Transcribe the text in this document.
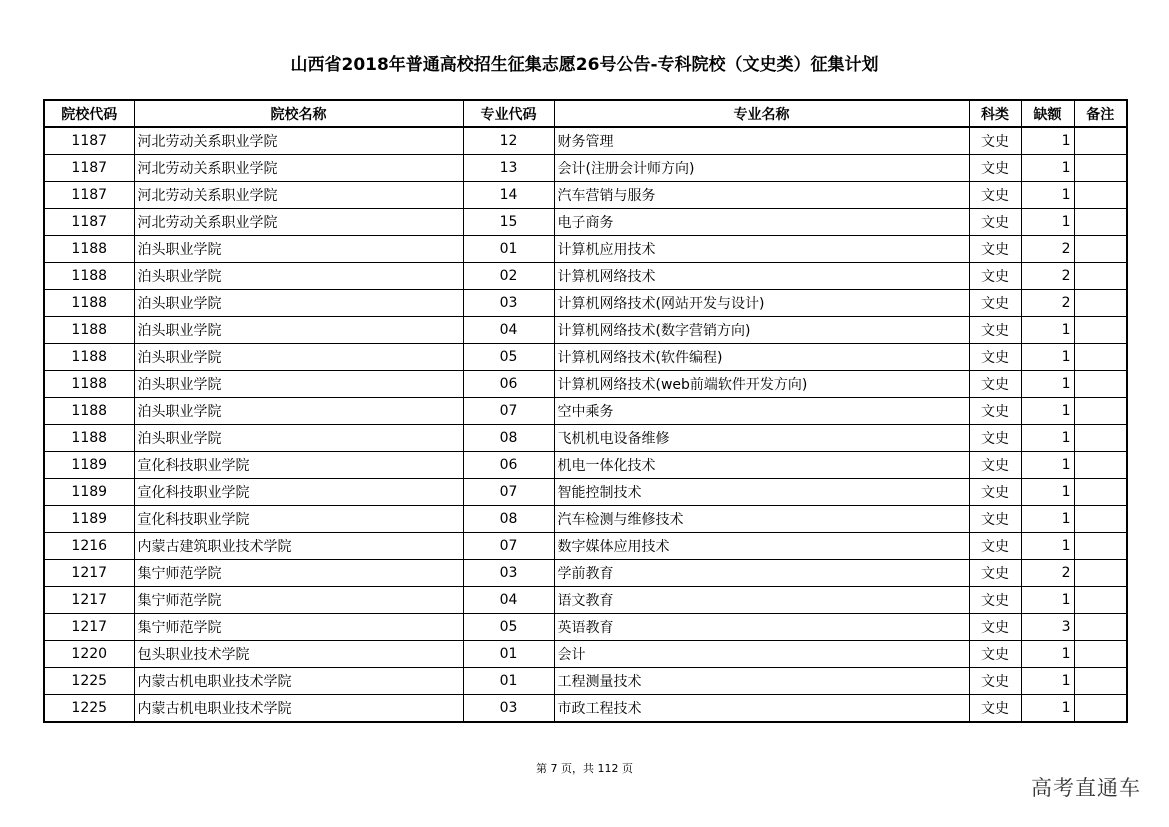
山西省2018年普通高校招生征集志愿26号公告-专科院校（文史类）征集计划
院校代码	院校名称	专业代码	专业名称	科类	缺额	备注
1187	河北劳动关系职业学院	12	财务管理	文史	1	
1187	河北劳动关系职业学院	13	会计(注册会计师方向)	文史	1	
1187	河北劳动关系职业学院	14	汽车营销与服务	文史	1	
1187	河北劳动关系职业学院	15	电子商务	文史	1	
1188	泊头职业学院	01	计算机应用技术	文史	2	
1188	泊头职业学院	02	计算机网络技术	文史	2	
1188	泊头职业学院	03	计算机网络技术(网站开发与设计)	文史	2	
1188	泊头职业学院	04	计算机网络技术(数字营销方向)	文史	1	
1188	泊头职业学院	05	计算机网络技术(软件编程)	文史	1	
1188	泊头职业学院	06	计算机网络技术(web前端软件开发方向)	文史	1	
1188	泊头职业学院	07	空中乘务	文史	1	
1188	泊头职业学院	08	飞机机电设备维修	文史	1	
1189	宣化科技职业学院	06	机电一体化技术	文史	1	
1189	宣化科技职业学院	07	智能控制技术	文史	1	
1189	宣化科技职业学院	08	汽车检测与维修技术	文史	1	
1216	内蒙古建筑职业技术学院	07	数字媒体应用技术	文史	1	
1217	集宁师范学院	03	学前教育	文史	2	
1217	集宁师范学院	04	语文教育	文史	1	
1217	集宁师范学院	05	英语教育	文史	3	
1220	包头职业技术学院	01	会计	文史	1	
1225	内蒙古机电职业技术学院	01	工程测量技术	文史	1	
1225	内蒙古机电职业技术学院	03	市政工程技术	文史	1	
第 7 页，共 112 页
高考直通车
